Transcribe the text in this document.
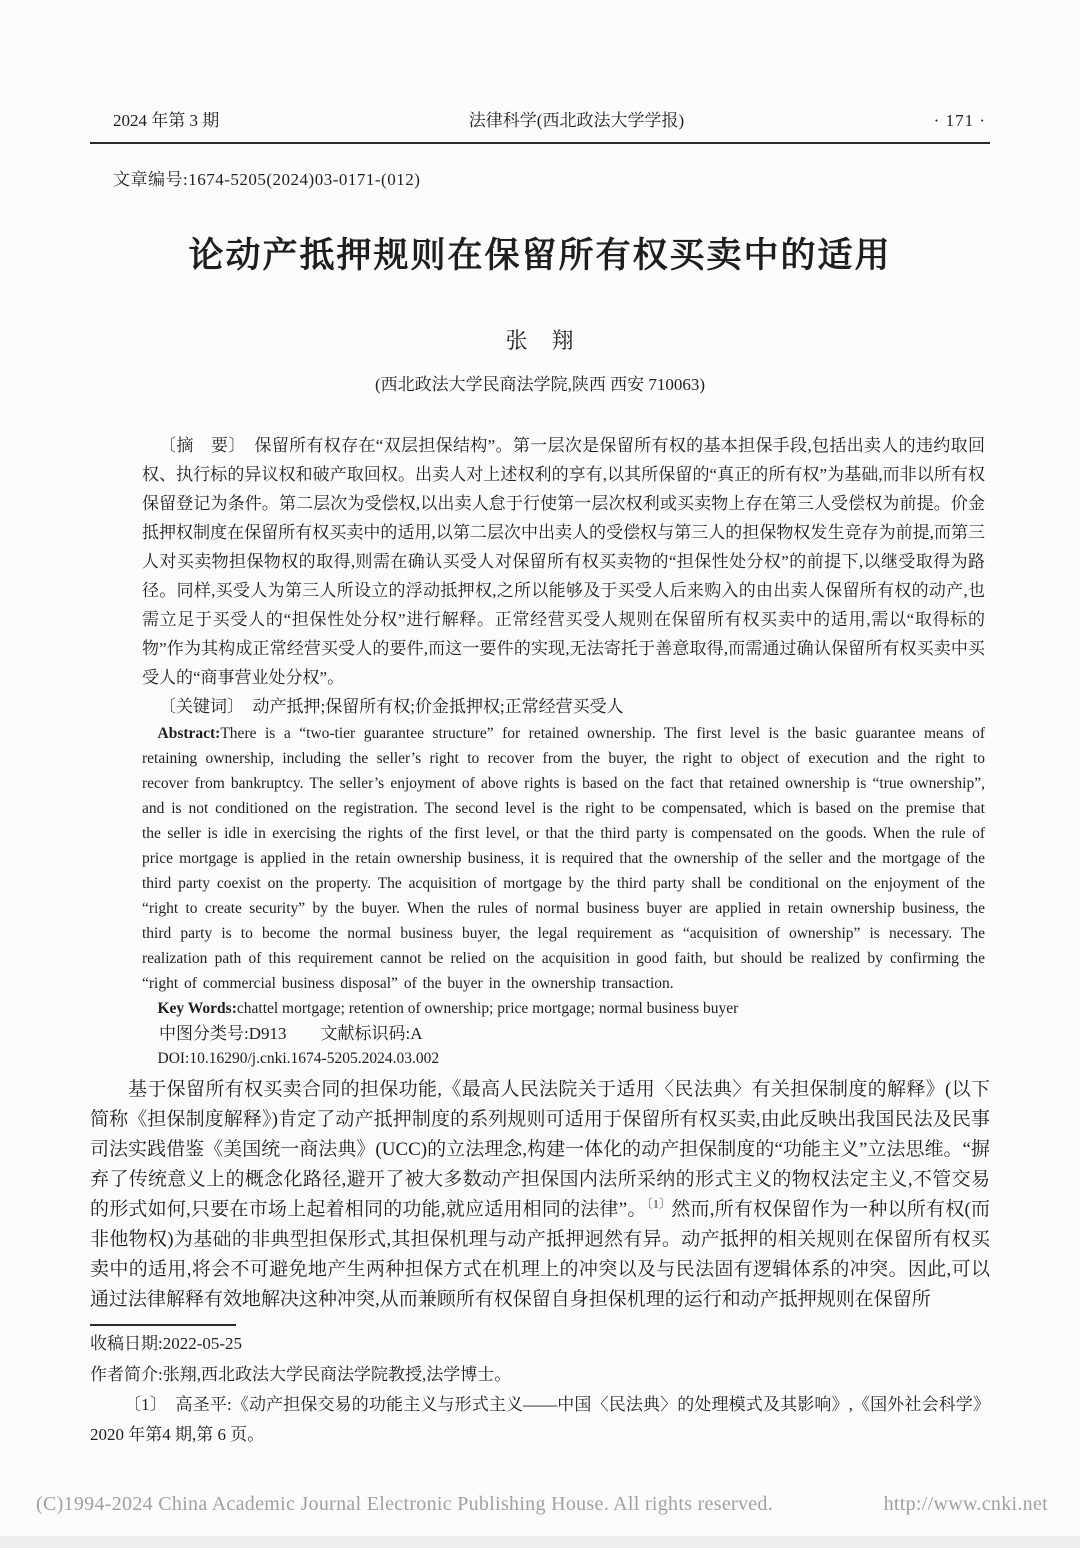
2024 年第 3 期	法律科学(西北政法大学学报)	· 171 ·

文章编号:1674-5205(2024)03-0171-(012)

论动产抵押规则在保留所有权买卖中的适用

张　翔

(西北政法大学民商法学院,陕西 西安 710063)

〔摘　要〕　保留所有权存在“双层担保结构”。第一层次是保留所有权的基本担保手段,包括出卖人的违约取回权、执行标的异议权和破产取回权。出卖人对上述权利的享有,以其所保留的“真正的所有权”为基础,而非以所有权保留登记为条件。第二层次为受偿权,以出卖人怠于行使第一层次权利或买卖物上存在第三人受偿权为前提。价金抵押权制度在保留所有权买卖中的适用,以第二层次中出卖人的受偿权与第三人的担保物权发生竞存为前提,而第三人对买卖物担保物权的取得,则需在确认买受人对保留所有权买卖物的“担保性处分权”的前提下,以继受取得为路径。同样,买受人为第三人所设立的浮动抵押权,之所以能够及于买受人后来购入的由出卖人保留所有权的动产,也需立足于买受人的“担保性处分权”进行解释。正常经营买受人规则在保留所有权买卖中的适用,需以“取得标的物”作为其构成正常经营买受人的要件,而这一要件的实现,无法寄托于善意取得,而需通过确认保留所有权买卖中买受人的“商事营业处分权”。

〔关键词〕　动产抵押;保留所有权;价金抵押权;正常经营买受人

Abstract:There is a “two-tier guarantee structure” for retained ownership. The first level is the basic guarantee means of retaining ownership, including the seller’s right to recover from the buyer, the right to object of execution and the right to recover from bankruptcy. The seller’s enjoyment of above rights is based on the fact that retained ownership is “true ownership”, and is not conditioned on the registration. The second level is the right to be compensated, which is based on the premise that the seller is idle in exercising the rights of the first level, or that the third party is compensated on the goods. When the rule of price mortgage is applied in the retain ownership business, it is required that the ownership of the seller and the mortgage of the third party coexist on the property. The acquisition of mortgage by the third party shall be conditional on the enjoyment of the “right to create security” by the buyer. When the rules of normal business buyer are applied in retain ownership business, the third party is to become the normal business buyer, the legal requirement as “acquisition of ownership” is necessary. The realization path of this requirement cannot be relied on the acquisition in good faith, but should be realized by confirming the “right of commercial business disposal” of the buyer in the ownership transaction.

Key Words:chattel mortgage; retention of ownership; price mortgage; normal business buyer

中图分类号:D913　　文献标识码:A

DOI:10.16290/j.cnki.1674-5205.2024.03.002

基于保留所有权买卖合同的担保功能,《最高人民法院关于适用〈民法典〉有关担保制度的解释》(以下简称《担保制度解释》)肯定了动产抵押制度的系列规则可适用于保留所有权买卖,由此反映出我国民法及民事司法实践借鉴《美国统一商法典》(UCC)的立法理念,构建一体化的动产担保制度的“功能主义”立法思维。“摒弃了传统意义上的概念化路径,避开了被大多数动产担保国内法所采纳的形式主义的物权法定主义,不管交易的形式如何,只要在市场上起着相同的功能,就应适用相同的法律”。$^{〔1〕}$然而,所有权保留作为一种以所有权(而非他物权)为基础的非典型担保形式,其担保机理与动产抵押迥然有异。动产抵押的相关规则在保留所有权买卖中的适用,将会不可避免地产生两种担保方式在机理上的冲突以及与民法固有逻辑体系的冲突。因此,可以通过法律解释有效地解决这种冲突,从而兼顾所有权保留自身担保机理的运行和动产抵押规则在保留所

收稿日期:2022-05-25

作者简介:张翔,西北政法大学民商法学院教授,法学博士。

〔1〕　高圣平:《动产担保交易的功能主义与形式主义——中国〈民法典〉的处理模式及其影响》,《国外社会科学》2020 年第4 期,第 6 页。

(C)1994-2024 China Academic Journal Electronic Publishing House. All rights reserved.	http://www.cnki.net
